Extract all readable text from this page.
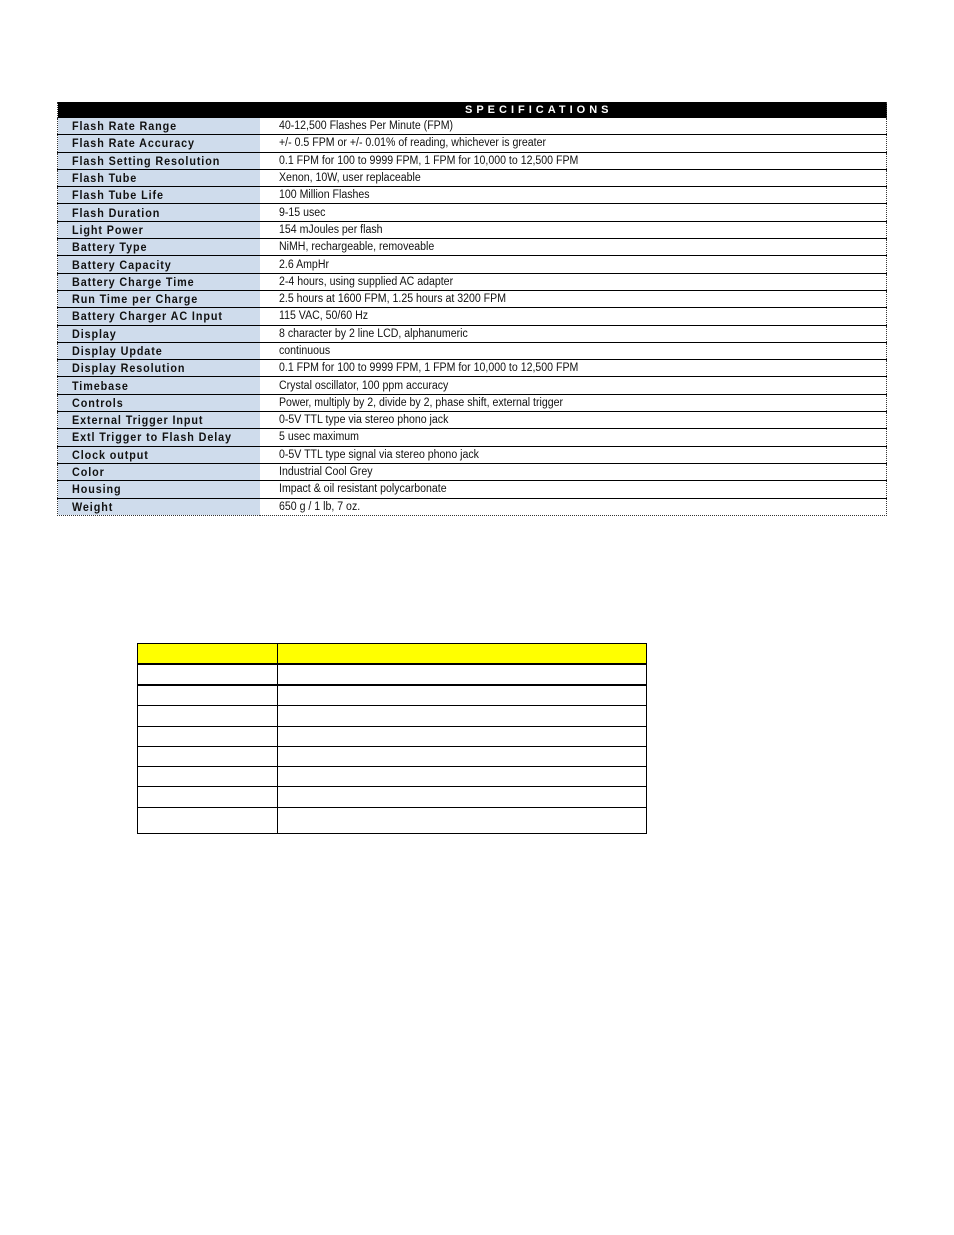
SPECIFICATIONS	
Flash Rate Range	40-12,500 Flashes Per Minute (FPM)
Flash Rate Accuracy	+/- 0.5 FPM or +/- 0.01% of reading, whichever is greater
Flash Setting Resolution	0.1 FPM for 100 to 9999 FPM, 1 FPM for 10,000 to 12,500 FPM
Flash Tube	Xenon, 10W, user replaceable
Flash Tube Life	100 Million Flashes
Flash Duration	9-15 usec
Light Power	154 mJoules per flash
Battery Type	NiMH, rechargeable, removeable
Battery Capacity	2.6 AmpHr
Battery Charge Time	2-4 hours, using supplied AC adapter
Run Time per Charge	2.5 hours at 1600 FPM, 1.25 hours at 3200 FPM
Battery Charger AC Input	115 VAC, 50/60 Hz
Display	8 character by 2 line LCD, alphanumeric
Display Update	continuous
Display Resolution	0.1 FPM for 100 to 9999 FPM, 1 FPM for 10,000 to 12,500 FPM
Timebase	Crystal oscillator, 100 ppm accuracy
Controls	Power, multiply by 2, divide by 2, phase shift, external trigger
External Trigger Input	0-5V TTL type via stereo phono jack
Extl Trigger to Flash Delay	5 usec maximum
Clock output	0-5V TTL type signal via stereo phono jack
Color	Industrial Cool Grey
Housing	Impact & oil resistant polycarbonate
Weight	650 g / 1 lb, 7 oz.
